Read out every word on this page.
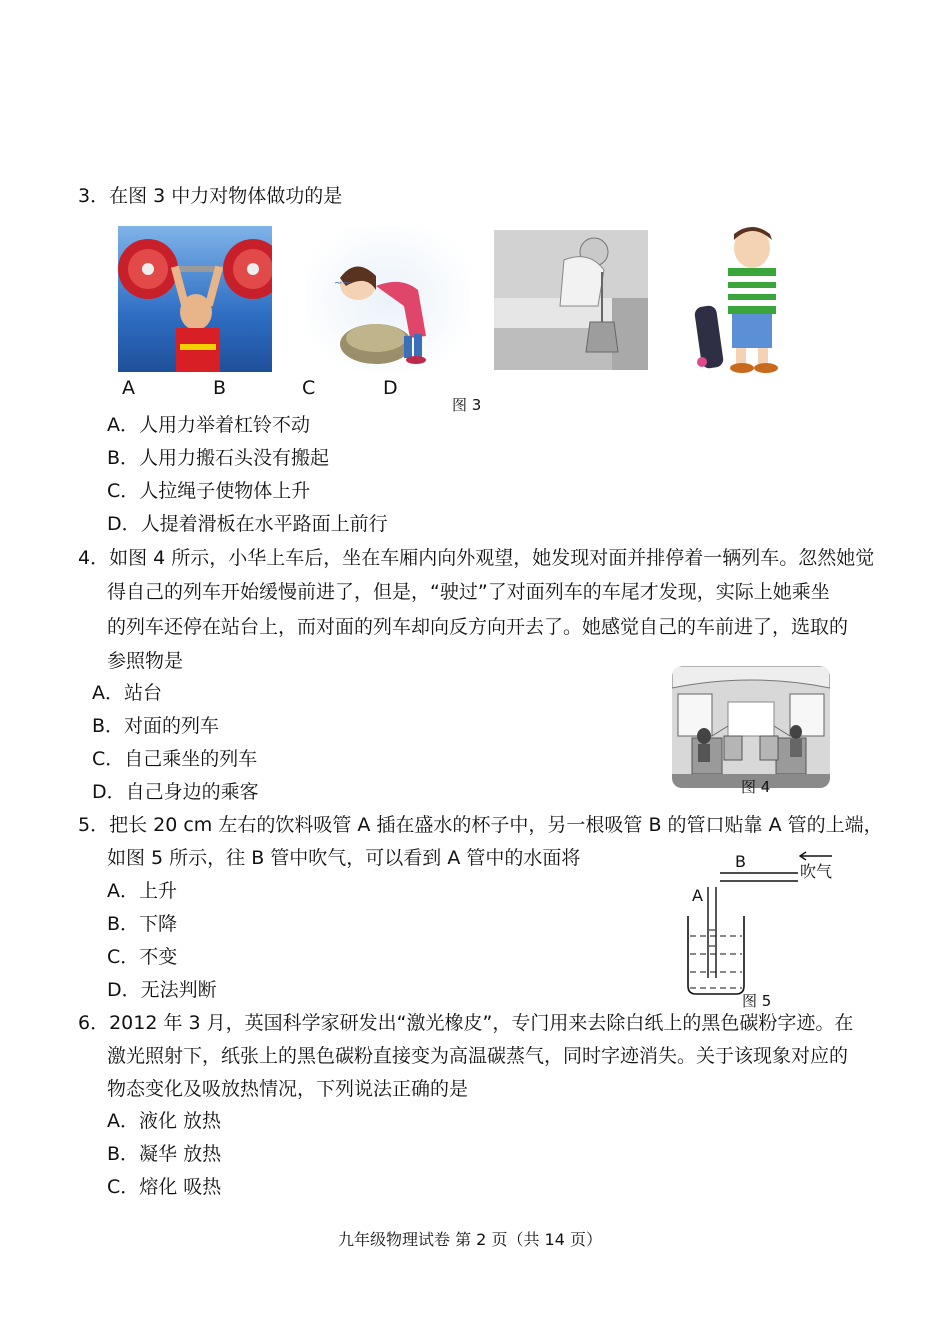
3．在图 3 中力对物体做功的是
~~
A	B	C	D
图 3
A．人用力举着杠铃不动
B．人用力搬石头没有搬起
C．人拉绳子使物体上升
D．人提着滑板在水平路面上前行
4．如图 4 所示，小华上车后，坐在车厢内向外观望，她发现对面并排停着一辆列车。忽然她觉
得自己的列车开始缓慢前进了，但是，“驶过”了对面列车的车尾才发现，实际上她乘坐
的列车还停在站台上，而对面的列车却向反方向开去了。她感觉自己的车前进了，选取的
参照物是
A．站台
B．对面的列车
C．自己乘坐的列车
D．自己身边的乘客	图 4
5．把长 20 cm 左右的饮料吸管 A 插在盛水的杯子中，另一根吸管 B 的管口贴靠 A 管的上端，
如图 5 所示，往 B 管中吹气，可以看到 A 管中的水面将
A．上升
B．下降
C．不变
D．无法判断
B
A
吹气
图 5
6．2012 年 3 月，英国科学家研发出“激光橡皮”，专门用来去除白纸上的黑色碳粉字迹。在
激光照射下，纸张上的黑色碳粉直接变为高温碳蒸气，同时字迹消失。关于该现象对应的
物态变化及吸放热情况，下列说法正确的是
A．液化 放热
B．凝华 放热
C．熔化 吸热
九年级物理试卷 第 2 页（共 14 页）
